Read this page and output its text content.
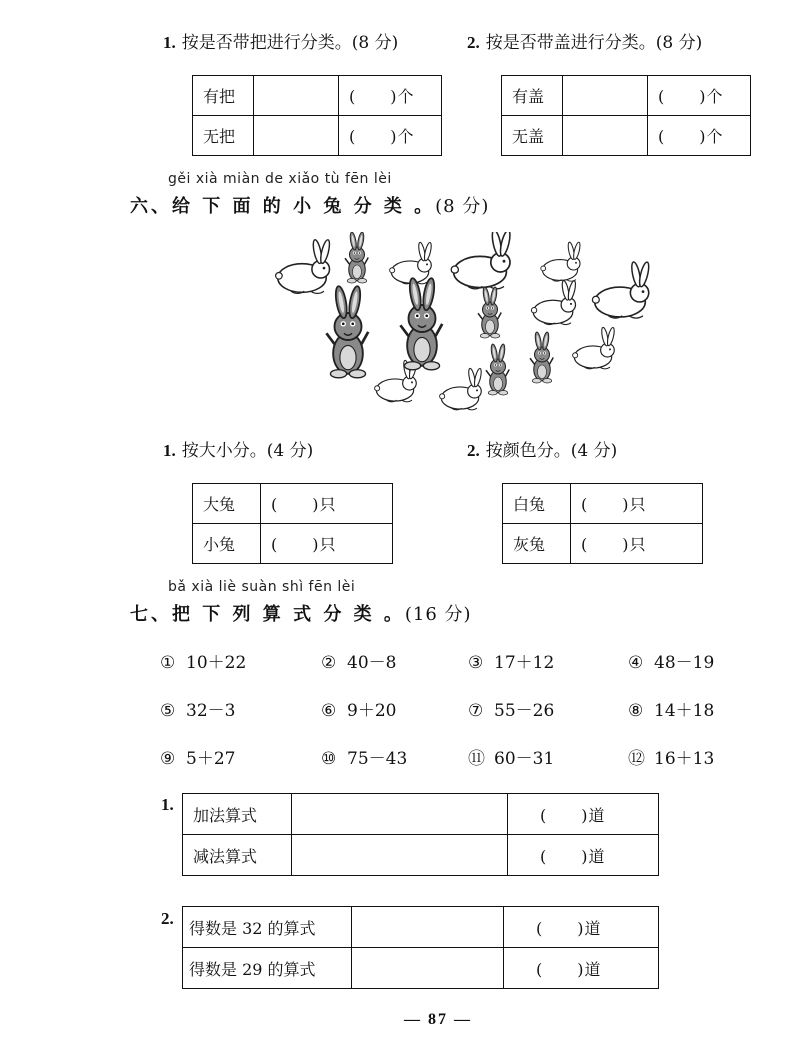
1. 按是否带把进行分类。(8 分)	2. 按是否带盖进行分类。(8 分)
有把		(　　)个
无把		(　　)个
有盖		(　　)个
无盖		(　　)个
gěi xià miàn de xiǎo tù fēn lèi
六、给 下 面 的 小 兔 分 类 。(8 分)
1. 按大小分。(4 分)	2. 按颜色分。(4 分)
大兔	(　　)只
小兔	(　　)只
白兔	(　　)只
灰兔	(　　)只
bǎ xià liè suàn shì fēn lèi
七、把 下 列 算 式 分 类 。(16 分)
① 10＋22	② 40－8	③ 17＋12	④ 48－19
⑤ 32－3	⑥ 9＋20	⑦ 55－26	⑧ 14＋18
⑨ 5＋27	⑩ 75－43	⑪ 60－31	⑫ 16＋13
1.
加法算式		(　　)道
减法算式		(　　)道
2. 得数是 32 的算式		(　　)道
得数是 29 的算式		(　　)道
— 87 —
